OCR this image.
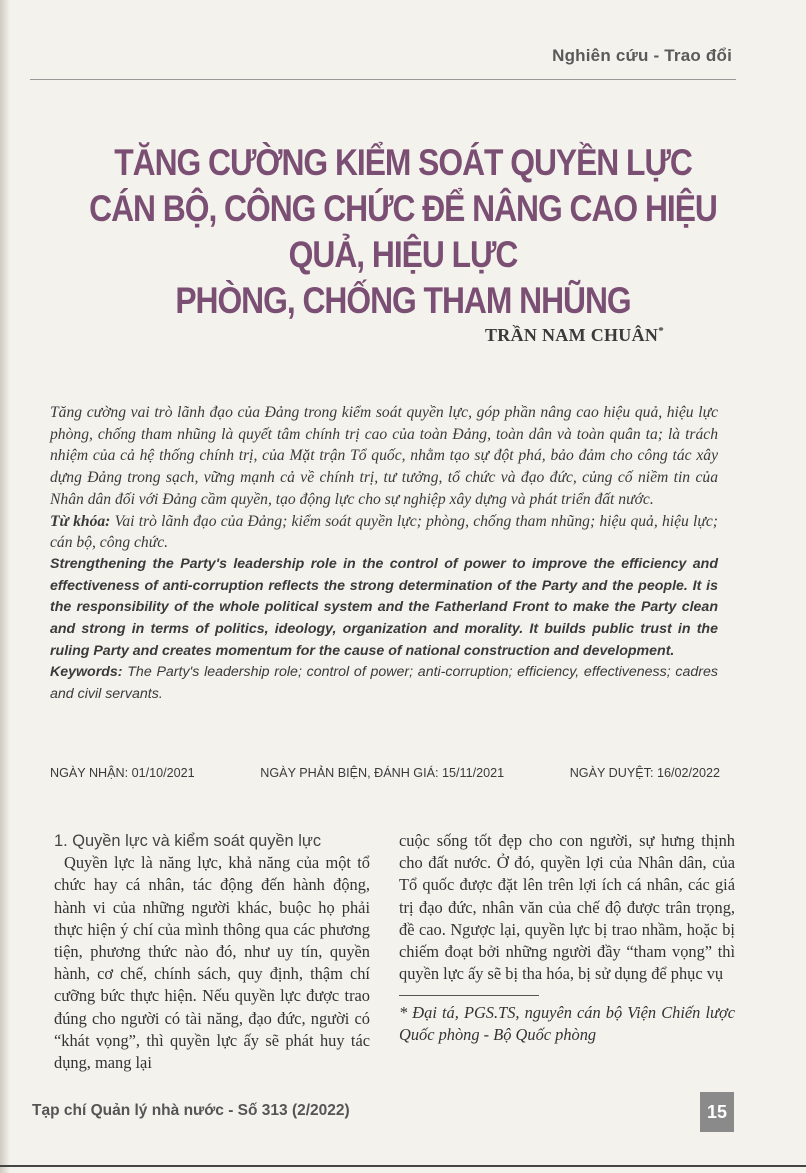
Nghiên cứu - Trao đổi
TĂNG CƯỜNG KIỂM SOÁT QUYỀN LỰC
CÁN BỘ, CÔNG CHỨC ĐỂ NÂNG CAO HIỆU QUẢ, HIỆU LỰC
PHÒNG, CHỐNG THAM NHŨNG
TRẦN NAM CHUÂN*

Tăng cường vai trò lãnh đạo của Đảng trong kiểm soát quyền lực, góp phần nâng cao hiệu quả, hiệu lực phòng, chống tham nhũng là quyết tâm chính trị cao của toàn Đảng, toàn dân và toàn quân ta; là trách nhiệm của cả hệ thống chính trị, của Mặt trận Tổ quốc, nhằm tạo sự đột phá, bảo đảm cho công tác xây dựng Đảng trong sạch, vững mạnh cả về chính trị, tư tưởng, tổ chức và đạo đức, củng cố niềm tin của Nhân dân đối với Đảng cầm quyền, tạo động lực cho sự nghiệp xây dựng và phát triển đất nước.

Từ khóa: Vai trò lãnh đạo của Đảng; kiểm soát quyền lực; phòng, chống tham nhũng; hiệu quả, hiệu lực; cán bộ, công chức.

Strengthening the Party's leadership role in the control of power to improve the efficiency and effectiveness of anti-corruption reflects the strong determination of the Party and the people. It is the responsibility of the whole political system and the Fatherland Front to make the Party clean and strong in terms of politics, ideology, organization and morality. It builds public trust in the ruling Party and creates momentum for the cause of national construction and development.

Keywords: The Party's leadership role; control of power; anti-corruption; efficiency, effectiveness; cadres and civil servants.

NGÀY NHẬN: 01/10/2021	NGÀY PHẢN BIỆN, ĐÁNH GIÁ: 15/11/2021	NGÀY DUYỆT: 16/02/2022
1. Quyền lực và kiểm soát quyền lực
Quyền lực là năng lực, khả năng của một tổ chức hay cá nhân, tác động đến hành động, hành vi của những người khác, buộc họ phải thực hiện ý chí của mình thông qua các phương tiện, phương thức nào đó, như uy tín, quyền hành, cơ chế, chính sách, quy định, thậm chí cưỡng bức thực hiện. Nếu quyền lực được trao đúng cho người có tài năng, đạo đức, người có “khát vọng”, thì quyền lực ấy sẽ phát huy tác dụng, mang lại
cuộc sống tốt đẹp cho con người, sự hưng thịnh cho đất nước. Ở đó, quyền lợi của Nhân dân, của Tổ quốc được đặt lên trên lợi ích cá nhân, các giá trị đạo đức, nhân văn của chế độ được trân trọng, đề cao. Ngược lại, quyền lực bị trao nhầm, hoặc bị chiếm đoạt bởi những người đầy “tham vọng” thì quyền lực ấy sẽ bị tha hóa, bị sử dụng để phục vụ
* Đại tá, PGS.TS, nguyên cán bộ Viện Chiến lược Quốc phòng - Bộ Quốc phòng
Tạp chí Quản lý nhà nước - Số 313 (2/2022)	15
